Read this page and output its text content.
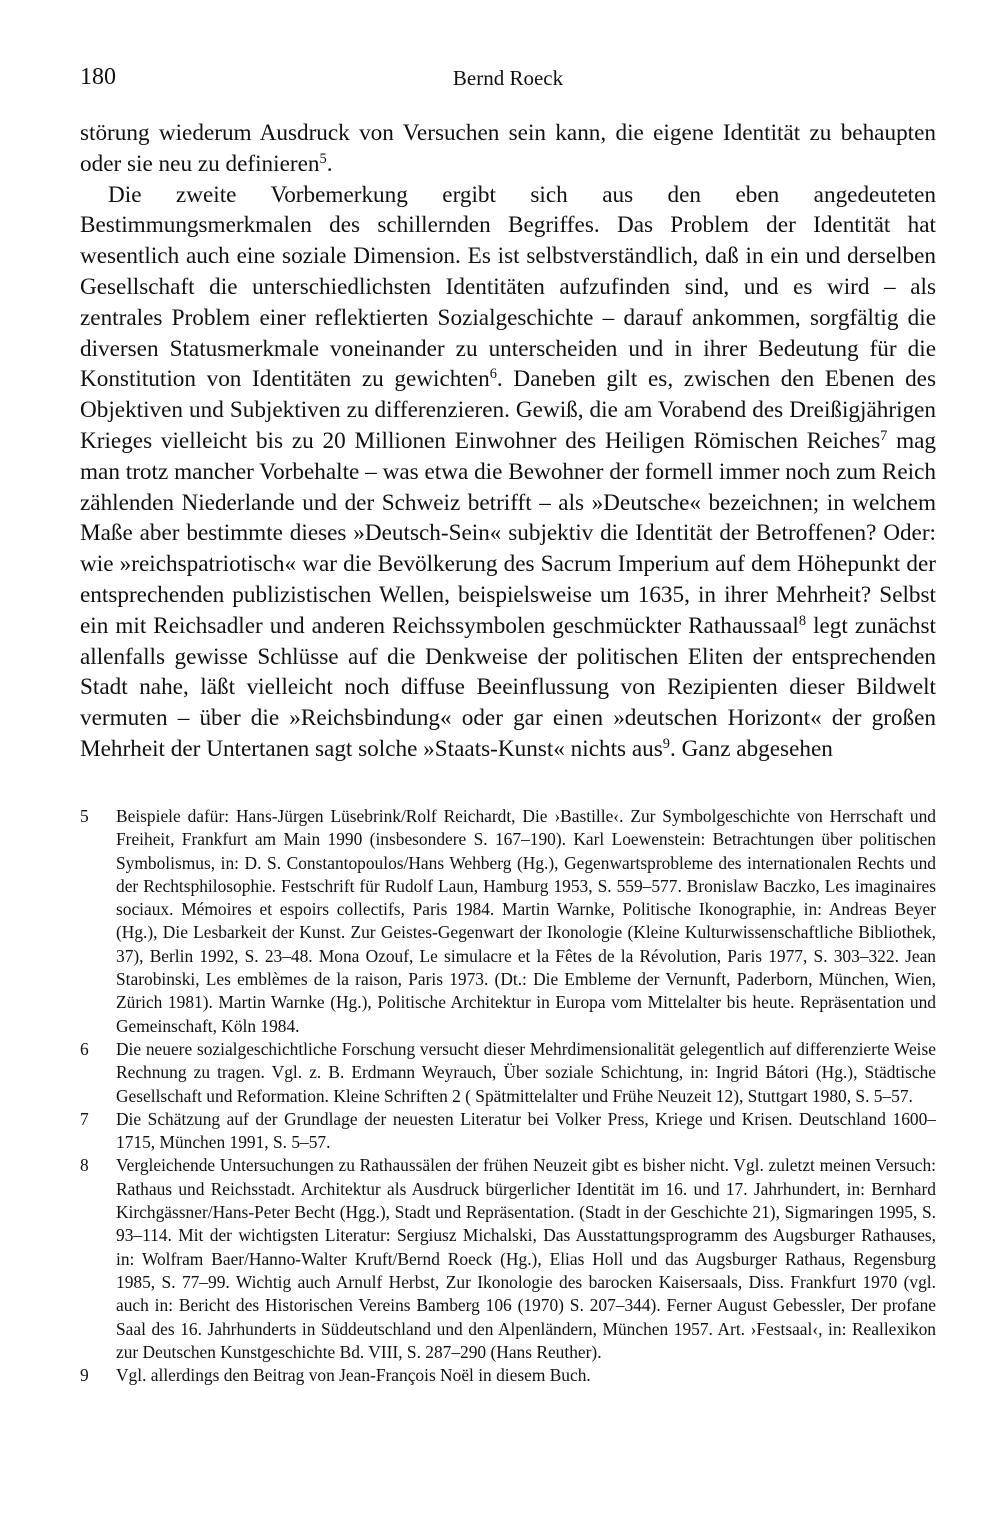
180	Bernd Roeck

störung wiederum Ausdruck von Versuchen sein kann, die eigene Identität zu behaupten oder sie neu zu definieren$^5$.

Die zweite Vorbemerkung ergibt sich aus den eben angedeuteten Bestimmungsmerkmalen des schillernden Begriffes. Das Problem der Identität hat wesentlich auch eine soziale Dimension. Es ist selbstverständlich, daß in ein und derselben Gesellschaft die unterschiedlichsten Identitäten aufzufinden sind, und es wird – als zentrales Problem einer reflektierten Sozialgeschichte – darauf ankommen, sorgfältig die diversen Statusmerkmale voneinander zu unterscheiden und in ihrer Bedeutung für die Konstitution von Identitäten zu gewichten$^6$. Daneben gilt es, zwischen den Ebenen des Objektiven und Subjektiven zu differenzieren. Gewiß, die am Vorabend des Dreißigjährigen Krieges vielleicht bis zu 20 Millionen Einwohner des Heiligen Römischen Reiches$^7$ mag man trotz mancher Vorbehalte – was etwa die Bewohner der formell immer noch zum Reich zählenden Niederlande und der Schweiz betrifft – als »Deutsche« bezeichnen; in welchem Maße aber bestimmte dieses »Deutsch-Sein« subjektiv die Identität der Betroffenen? Oder: wie »reichspatriotisch« war die Bevölkerung des Sacrum Imperium auf dem Höhepunkt der entsprechenden publizistischen Wellen, beispielsweise um 1635, in ihrer Mehrheit? Selbst ein mit Reichsadler und anderen Reichssymbolen geschmückter Rathaussaal$^8$ legt zunächst allenfalls gewisse Schlüsse auf die Denkweise der politischen Eliten der entsprechenden Stadt nahe, läßt vielleicht noch diffuse Beeinflussung von Rezipienten dieser Bildwelt vermuten – über die »Reichsbindung« oder gar einen »deutschen Horizont« der großen Mehrheit der Untertanen sagt solche »Staats-Kunst« nichts aus$^9$. Ganz abgesehen

5 Beispiele dafür: Hans-Jürgen Lüsebrink/Rolf Reichardt, Die ›Bastille‹. Zur Symbolgeschichte von Herrschaft und Freiheit, Frankfurt am Main 1990 (insbesondere S. 167–190). Karl Loewenstein: Betrachtungen über politischen Symbolismus, in: D. S. Constantopoulos/Hans Wehberg (Hg.), Gegenwartsprobleme des internationalen Rechts und der Rechtsphilosophie. Festschrift für Rudolf Laun, Hamburg 1953, S. 559–577. Bronislaw Baczko, Les imaginaires sociaux. Mémoires et espoirs collectifs, Paris 1984. Martin Warnke, Politische Ikonographie, in: Andreas Beyer (Hg.), Die Lesbarkeit der Kunst. Zur Geistes-Gegenwart der Ikonologie (Kleine Kulturwissenschaftliche Bibliothek, 37), Berlin 1992, S. 23–48. Mona Ozouf, Le simulacre et la Fêtes de la Révolution, Paris 1977, S. 303–322. Jean Starobinski, Les emblèmes de la raison, Paris 1973. (Dt.: Die Embleme der Vernunft, Paderborn, München, Wien, Zürich 1981). Martin Warnke (Hg.), Politische Architektur in Europa vom Mittelalter bis heute. Repräsentation und Gemeinschaft, Köln 1984.
6 Die neuere sozialgeschichtliche Forschung versucht dieser Mehrdimensionalität gelegentlich auf differenzierte Weise Rechnung zu tragen. Vgl. z. B. Erdmann Weyrauch, Über soziale Schichtung, in: Ingrid Bátori (Hg.), Städtische Gesellschaft und Reformation. Kleine Schriften 2 ( Spätmittelalter und Frühe Neuzeit 12), Stuttgart 1980, S. 5–57.
7 Die Schätzung auf der Grundlage der neuesten Literatur bei Volker Press, Kriege und Krisen. Deutschland 1600–1715, München 1991, S. 5–57.
8 Vergleichende Untersuchungen zu Rathaussälen der frühen Neuzeit gibt es bisher nicht. Vgl. zuletzt meinen Versuch: Rathaus und Reichsstadt. Architektur als Ausdruck bürgerlicher Identität im 16. und 17. Jahrhundert, in: Bernhard Kirchgässner/Hans-Peter Becht (Hgg.), Stadt und Repräsentation. (Stadt in der Geschichte 21), Sigmaringen 1995, S. 93–114. Mit der wichtigsten Literatur: Sergiusz Michalski, Das Ausstattungsprogramm des Augsburger Rathauses, in: Wolfram Baer/Hanno-Walter Kruft/Bernd Roeck (Hg.), Elias Holl und das Augsburger Rathaus, Regensburg 1985, S. 77–99. Wichtig auch Arnulf Herbst, Zur Ikonologie des barocken Kaisersaals, Diss. Frankfurt 1970 (vgl. auch in: Bericht des Historischen Vereins Bamberg 106 (1970) S. 207–344). Ferner August Gebessler, Der profane Saal des 16. Jahrhunderts in Süddeutschland und den Alpenländern, München 1957. Art. ›Festsaal‹, in: Reallexikon zur Deutschen Kunstgeschichte Bd. VIII, S. 287–290 (Hans Reuther).
9 Vgl. allerdings den Beitrag von Jean-François Noël in diesem Buch.
